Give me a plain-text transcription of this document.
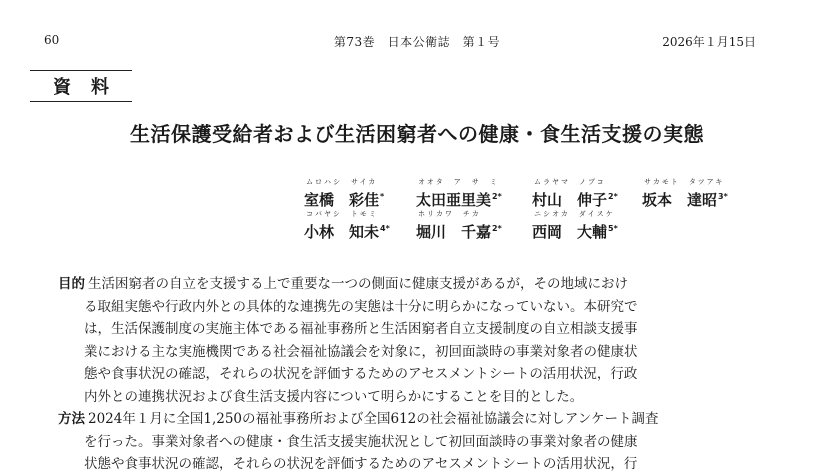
60	第73巻　日本公衛誌　第１号	2026年１月15日
資料
生活保護受給者および生活困窮者への健康・食生活支援の実態
ムロハシ　サイカ
室橋　彩佳*
オオタ　ア　サ　ミ
太田亜里美$^{2*}$
ムラヤマ　ノブコ
村山　伸子$^{2*}$
サカモト　タツアキ
坂本　達昭$^{3*}$
コバヤシ　トモミ
小林　知未$^{4*}$
ホリカワ　チカ
堀川　千嘉$^{2*}$
ニシオカ　ダイスケ
西岡　大輔$^{5*}$
目的 生活困窮者の自立を支援する上で重要な一つの側面に健康支援があるが，その地域におけ
る取組実態や行政内外との具体的な連携先の実態は十分に明らかになっていない。本研究で
は，生活保護制度の実施主体である福祉事務所と生活困窮者自立支援制度の自立相談支援事
業における主な実施機関である社会福祉協議会を対象に，初回面談時の事業対象者の健康状
態や食事状況の確認，それらの状況を評価するためのアセスメントシートの活用状況，行政
内外との連携状況および食生活支援内容について明らかにすることを目的とした。
方法 2024年１月に全国1,250の福祉事務所および全国612の社会福祉協議会に対しアンケート調査
を行った。事業対象者への健康・食生活支援実施状況として初回面談時の事業対象者の健康
状態や食事状況の確認，それらの状況を評価するためのアセスメントシートの活用状況，行
